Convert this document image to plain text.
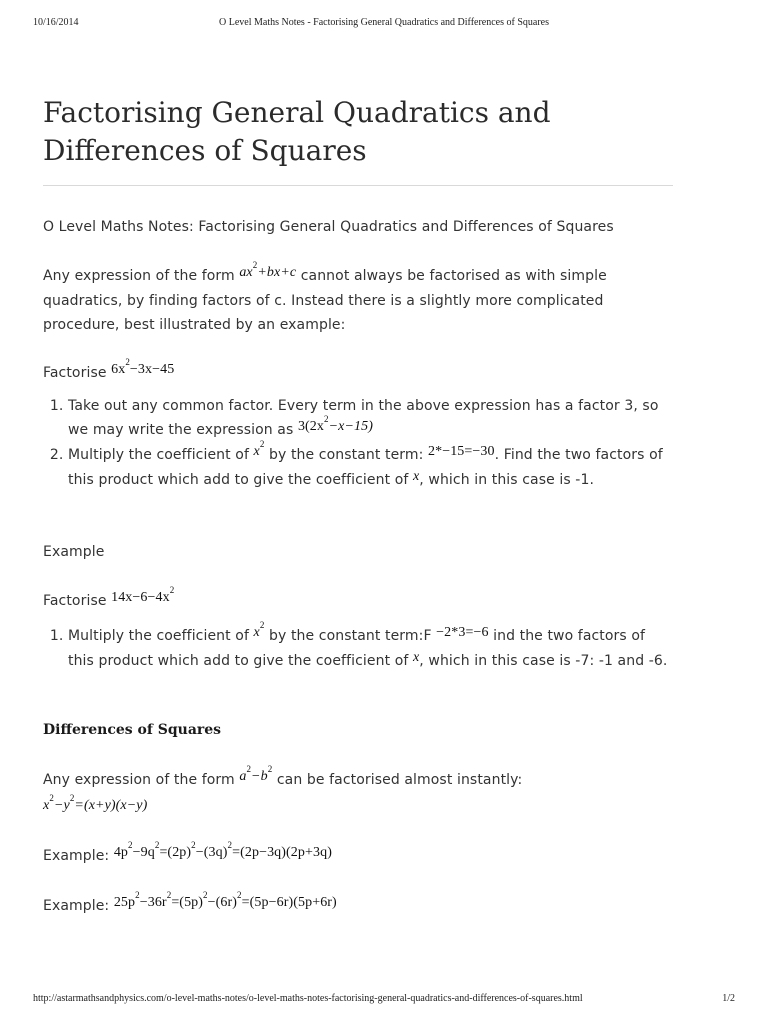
10/16/2014	O Level Maths Notes - Factorising General Quadratics and Differences of Squares
Factorising General Quadratics and
Differences of Squares

O Level Maths Notes: Factorising General Quadratics and Differences of Squares

Any expression of the form $ax^2+bx+c$ cannot always be factorised as with simple quadratics, by finding factors of c. Instead there is a slightly more complicated procedure, best illustrated by an example:

Factorise $6x^2-3x-45$

1. Take out any common factor. Every term in the above expression has a factor 3, so we may write the expression as $3(2x^2-x-15)$
2. Multiply the coefficient of $x^2$ by the constant term: 2*−15=−30. Find the two factors of this product which add to give the coefficient of x, which in this case is -1.

Example

Factorise $14x-6-4x^2$

1. Multiply the coefficient of $x^2$ by the constant term:F −2*3=−6 ind the two factors of this product which add to give the coefficient of x, which in this case is -7: -1 and -6.
Differences of Squares

Any expression of the form $a^2-b^2$ can be factorised almost instantly:

$x^2-y^2=(x+y)(x-y)$

Example: $4p^2-9q^2=(2p)^2-(3q)^2=(2p-3q)(2p+3q)$

Example: $25p^2-36r^2=(5p)^2-(6r)^2=(5p-6r)(5p+6r)$

http://astarmathsandphysics.com/o-level-maths-notes/o-level-maths-notes-factorising-general-quadratics-and-differences-of-squares.html	1/2
